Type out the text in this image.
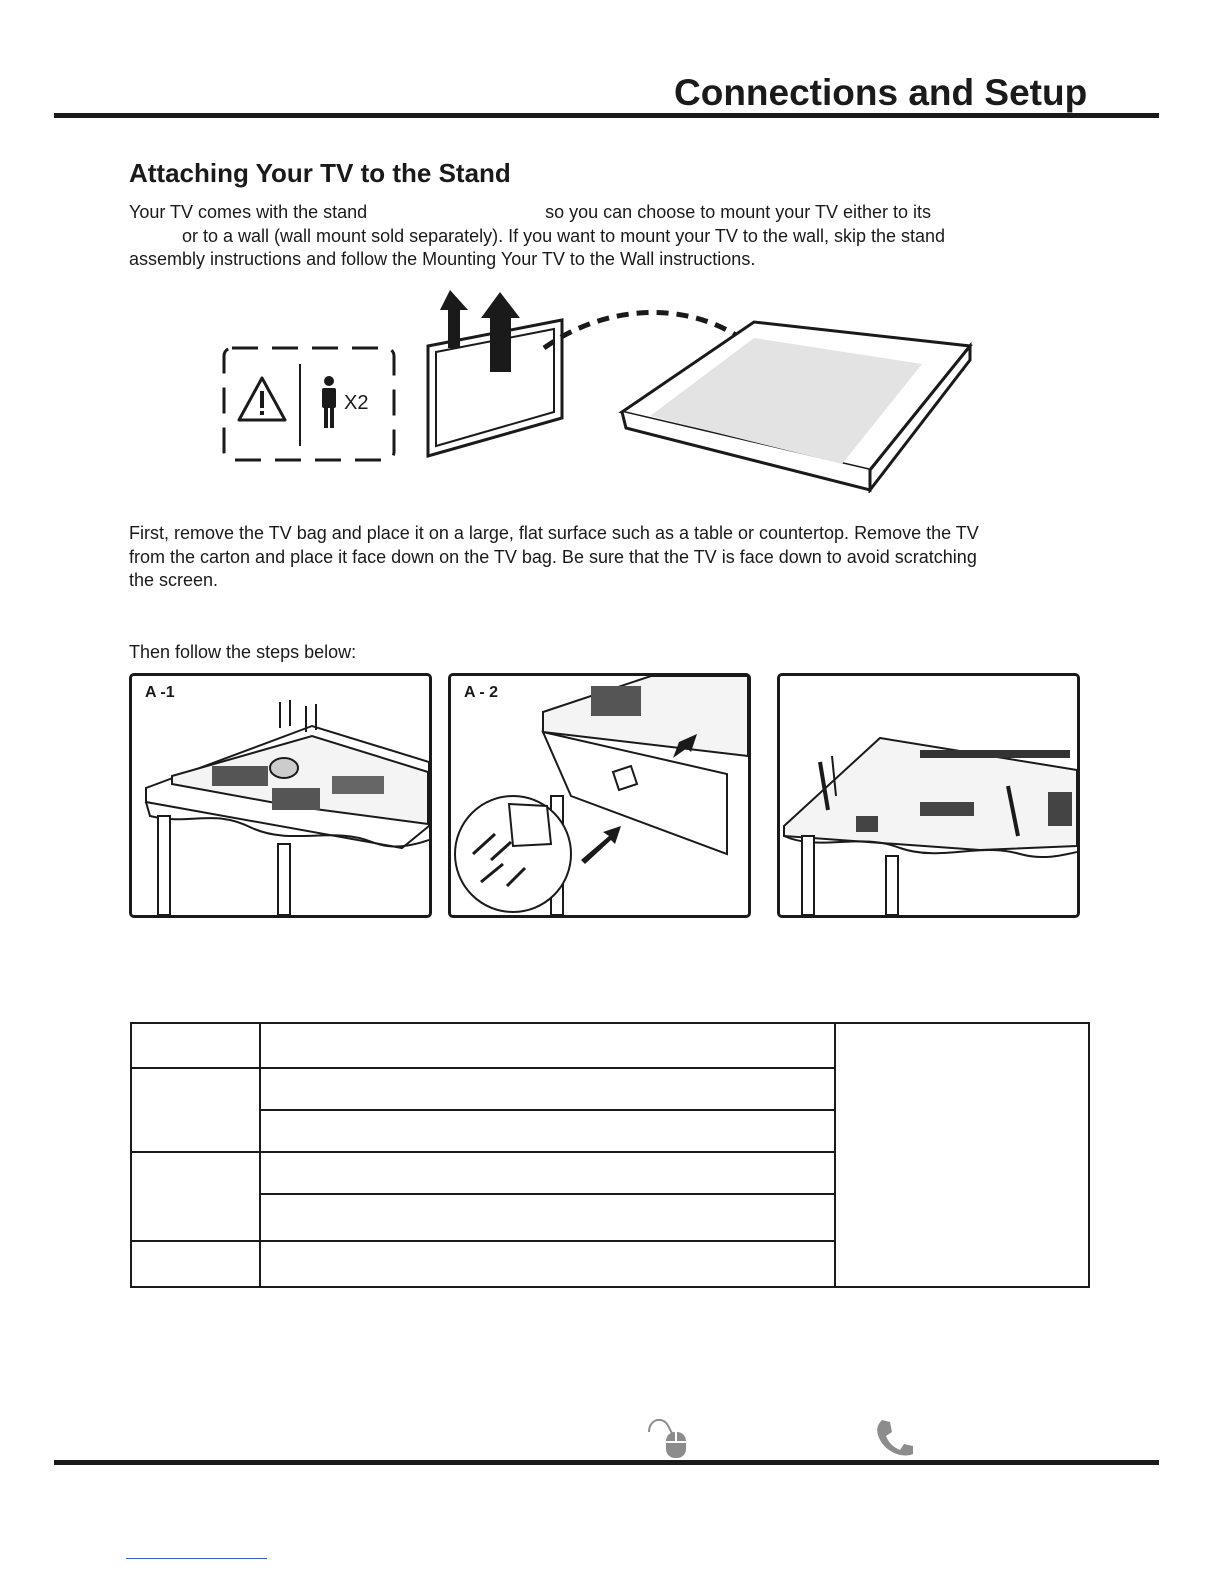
Connections and Setup
Attaching Your TV to the Stand
Your TV comes with the stand	so you can choose to mount your TV either to its
or to a wall (wall mount sold separately). If you want to mount your TV to the wall, skip the stand
assembly instructions and follow the Mounting Your TV to the Wall instructions.
X2
First, remove the TV bag and place it on a large, flat surface such as a table or countertop. Remove the TV
from the carton and place it face down on the TV bag. Be sure that the TV is face down to avoid scratching
the screen.
Then follow the steps below:
A -1	A - 2
